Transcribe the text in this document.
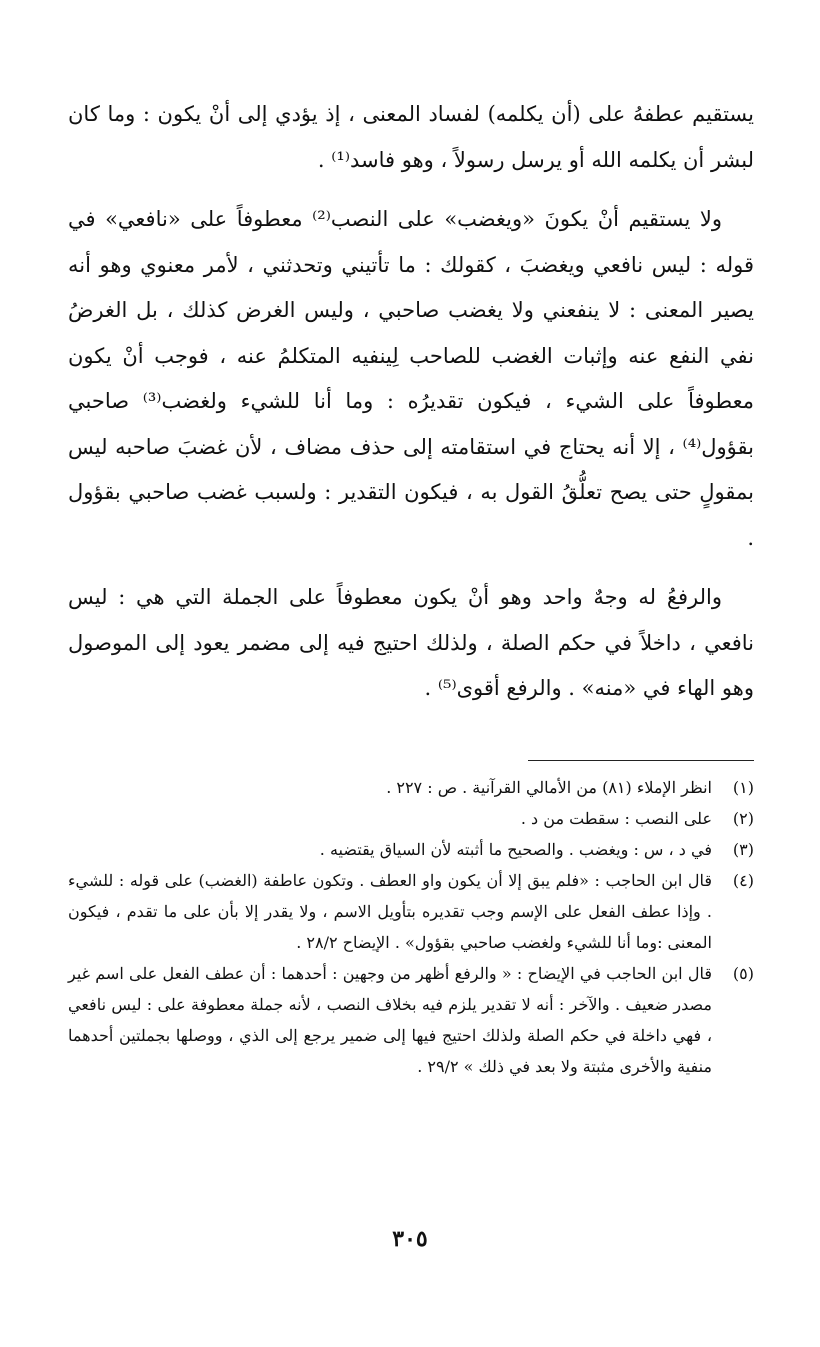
يستقيم عطفهُ على (أن يكلمه) لفساد المعنى ، إذ يؤدي إلى أنْ يكون : وما كان لبشر أن يكلمه الله أو يرسل رسولاً ، وهو فاسد⁽¹⁾ .

ولا يستقيم أنْ يكونَ «ويغضب» على النصب⁽²⁾ معطوفاً على «نافعي» في قوله : ليس نافعي ويغضبَ ، كقولك : ما تأتيني وتحدثني ، لأمر معنوي وهو أنه يصير المعنى : لا ينفعني ولا يغضب صاحبي ، وليس الغرض كذلك ، بل الغرضُ نفي النفع عنه وإثبات الغضب للصاحب لِينفيه المتكلمُ عنه ، فوجب أنْ يكون معطوفاً على الشيء ، فيكون تقديرُه : وما أنا للشيء ولغضب⁽³⁾ صاحبي بقؤول⁽⁴⁾ ، إلا أنه يحتاج في استقامته إلى حذف مضاف ، لأن غضبَ صاحبه ليس بمقولٍ حتى يصح تعلُّقُ القول به ، فيكون التقدير : ولسبب غضب صاحبي بقؤول .

والرفعُ له وجهٌ واحد وهو أنْ يكون معطوفاً على الجملة التي هي : ليس نافعي ، داخلاً في حكم الصلة ، ولذلك احتيج فيه إلى مضمر يعود إلى الموصول وهو الهاء في «منه» . والرفع أقوى⁽⁵⁾ .

(١)
انظر الإملاء (٨١) من الأمالي القرآنية . ص : ٢٢٧ .
(٢)
على النصب : سقطت من د .
(٣)
في د ، س : ويغضب . والصحيح ما أثبته لأن السياق يقتضيه .
(٤)
قال ابن الحاجب : «فلم يبق إلا أن يكون واو العطف . وتكون عاطفة (الغضب) على قوله : للشيء . وإذا عطف الفعل على الإسم وجب تقديره بتأويل الاسم ، ولا يقدر إلا بأن على ما تقدم ، فيكون المعنى :وما أنا للشيء ولغضب صاحبي بقؤول» . الإيضاح ٢٨/٢ .
(٥)
قال ابن الحاجب في الإيضاح : « والرفع أظهر من وجهين : أحدهما : أن عطف الفعل على اسم غير مصدر ضعيف . والآخر : أنه لا تقدير يلزم فيه بخلاف النصب ، لأنه جملة معطوفة على : ليس نافعي ، فهي داخلة في حكم الصلة ولذلك احتيج فيها إلى ضمير يرجع إلى الذي ، ووصلها بجملتين أحدهما منفية والأخرى مثبتة ولا بعد في ذلك » ٢٩/٢ .
٣٠٥
